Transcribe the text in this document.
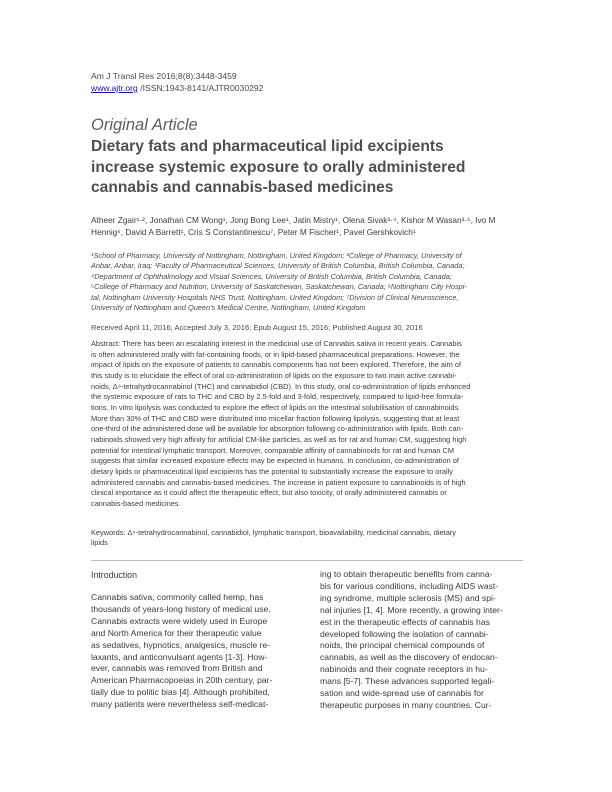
Am J Transl Res 2016;8(8):3448-3459
www.ajtr.org /ISSN:1943-8141/AJTR0030292
Original Article
Dietary fats and pharmaceutical lipid excipients
increase systemic exposure to orally administered
cannabis and cannabis-based medicines
Atheer Zgair¹·², Jonathan CM Wong¹, Jong Bong Lee¹, Jatin Mistry¹, Olena Sivak³·⁴, Kishor M Wasan³·⁵, Ivo M
Hennig⁶, David A Barrett¹, Cris S Constantinescu⁷, Peter M Fischer¹, Pavel Gershkovich¹
¹School of Pharmacy, University of Nottingham, Nottingham, United Kingdom; ²College of Pharmacy, University of
Anbar, Anbar, Iraq; ³Faculty of Pharmaceutical Sciences, University of British Columbia, British Columbia, Canada;
⁴Department of Ophthalmology and Visual Sciences, University of British Columbia, British Columbia, Canada;
⁵College of Pharmacy and Nutrition, University of Saskatchewan, Saskatchewan, Canada; ⁶Nottingham City Hospi-
tal, Nottingham University Hospitals NHS Trust, Nottingham, United Kingdom; ⁷Division of Clinical Neuroscience,
University of Nottingham and Queen's Medical Centre, Nottingham, United Kingdom
Received April 11, 2016; Accepted July 3, 2016; Epub August 15, 2016; Published August 30, 2016
Abstract: There has been an escalating interest in the medicinal use of Cannabis sativa in recent years. Cannabis
is often administered orally with fat-containing foods, or in lipid-based pharmaceutical preparations. However, the
impact of lipids on the exposure of patients to cannabis components has not been explored. Therefore, the aim of
this study is to elucidate the effect of oral co-administration of lipids on the exposure to two main active cannabi-
noids, Δ⁹-tetrahydrocannabinol (THC) and cannabidiol (CBD). In this study, oral co-administration of lipids enhanced
the systemic exposure of rats to THC and CBD by 2.5-fold and 3-fold, respectively, compared to lipid-free formula-
tions. In vitro lipolysis was conducted to explore the effect of lipids on the intestinal solubilisation of cannabinoids.
More than 30% of THC and CBD were distributed into micellar fraction following lipolysis, suggesting that at least
one-third of the administered dose will be available for absorption following co-administration with lipids. Both can-
nabinoids showed very high affinity for artificial CM-like particles, as well as for rat and human CM, suggesting high
potential for intestinal lymphatic transport. Moreover, comparable affinity of cannabinoids for rat and human CM
suggests that similar increased exposure effects may be expected in humans. In conclusion, co-administration of
dietary lipids or pharmaceutical lipid excipients has the potential to substantially increase the exposure to orally
administered cannabis and cannabis-based medicines. The increase in patient exposure to cannabinoids is of high
clinical importance as it could affect the therapeutic effect, but also toxicity, of orally administered cannabis or
cannabis-based medicines.
Keywords: Δ⁹-tetrahydrocannabinol, cannabidiol, lymphatic transport, bioavailability, medicinal cannabis, dietary
lipids
Introduction
Cannabis sativa, commonly called hemp, has
thousands of years-long history of medical use.
Cannabis extracts were widely used in Europe
and North America for their therapeutic value
as sedatives, hypnotics, analgesics, muscle re-
laxants, and anticonvulsant agents [1-3]. How-
ever, cannabis was removed from British and
American Pharmacopoeias in 20th century, par-
tially due to politic bias [4]. Although prohibited,
many patients were nevertheless self-medicat-
ing to obtain therapeutic benefits from canna-
bis for various conditions, including AIDS wast-
ing syndrome, multiple sclerosis (MS) and spi-
nal injuries [1, 4]. More recently, a growing inter-
est in the therapeutic effects of cannabis has
developed following the isolation of cannabi-
noids, the principal chemical compounds of
cannabis, as well as the discovery of endocan-
nabinoids and their cognate receptors in hu-
mans [5-7]. These advances supported legali-
sation and wide-spread use of cannabis for
therapeutic purposes in many countries. Cur-
